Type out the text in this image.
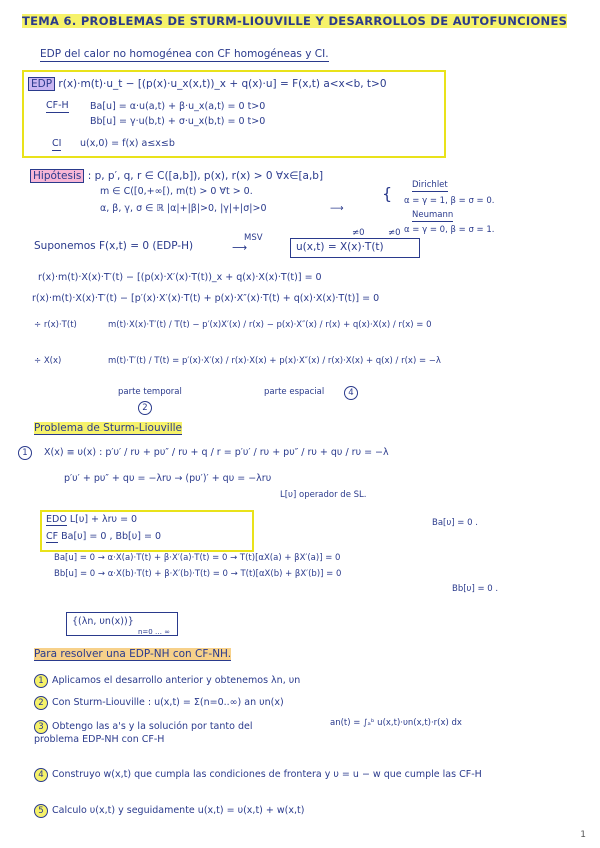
TEMA 6. PROBLEMAS DE STURM-LIOUVILLE Y DESARROLLOS DE AUTOFUNCIONES
EDP del calor no homogénea con CF homogéneas y CI.
EDP r(x)·m(t)·u_t − [(p(x)·u_x(x,t))_x + q(x)·u] = F(x,t) a<x<b, t>0
CF-H Ba[u] = α·u(a,t) + β·u_x(a,t) = 0 t>0
Bb[u] = γ·u(b,t) + σ·u_x(b,t) = 0 t>0
CI u(x,0) = f(x) a≤x≤b
Hipótesis : p, p′, q, r ∈ C([a,b]), p(x), r(x) > 0 ∀x∈[a,b]
m ∈ C([0,+∞[), m(t) > 0 ∀t > 0.
α, β, γ, σ ∈ ℝ |α|+|β|>0, |γ|+|σ|>0	⟶
{ Dirichlet
α = γ = 1, β = σ = 0.
Neumann
α = γ = 0, β = σ = 1.
Suponemos F(x,t) = 0 (EDP-H)
MSV
⟶	u(x,t) = X(x)·T(t)
≠0	≠0
r(x)·m(t)·X(x)·T′(t) − [(p(x)·X′(x)·T(t))_x + q(x)·X(x)·T(t)] = 0
r(x)·m(t)·X(x)·T′(t) − [p′(x)·X′(x)·T(t) + p(x)·X″(x)·T(t) + q(x)·X(x)·T(t)] = 0
÷ r(x)·T(t)	m(t)·X(x)·T′(t) / T(t) − p′(x)X′(x) / r(x) − p(x)·X″(x) / r(x) + q(x)·X(x) / r(x) = 0
÷ X(x)	m(t)·T′(t) / T(t) = p′(x)·X′(x) / r(x)·X(x) + p(x)·X″(x) / r(x)·X(x) + q(x) / r(x) = −λ
parte temporal
2
parte espacial	4
Problema de Sturm-Liouville
1	X(x) ≡ υ(x) : p′υ′ / rυ + pυ″ / rυ + q / r = p′υ′ / rυ + pυ″ / rυ + qυ / rυ = −λ
p′υ′ + pυ″ + qυ = −λrυ → (pυ′)′ + qυ = −λrυ
L[υ] operador de SL.
EDO L[υ] + λrυ = 0
CF Ba[υ] = 0 , Bb[υ] = 0
Ba[υ] = 0 .
Ba[u] = 0 → α·X(a)·T(t) + β·X′(a)·T(t) = 0 → T(t)[αX(a) + βX′(a)] = 0
Bb[u] = 0 → α·X(b)·T(t) + β·X′(b)·T(t) = 0 → T(t)[αX(b) + βX′(b)] = 0
Bb[υ] = 0 .
{(λn, υn(x))}
n=0 … ∞
Para resolver una EDP-NH con CF-NH.
1 Aplicamos el desarrollo anterior y obtenemos λn, υn
2 Con Sturm-Liouville : u(x,t) = Σ(n=0..∞) an υn(x)
3 Obtengo las a's y la solución por tanto del problema EDP-NH con CF-H
an(t) = ∫ₐᵇ u(x,t)·υn(x,t)·r(x) dx
4 Construyo w(x,t) que cumpla las condiciones de frontera y υ = u − w que cumple las CF-H
5 Calculo υ(x,t) y seguidamente u(x,t) = υ(x,t) + w(x,t)
1
